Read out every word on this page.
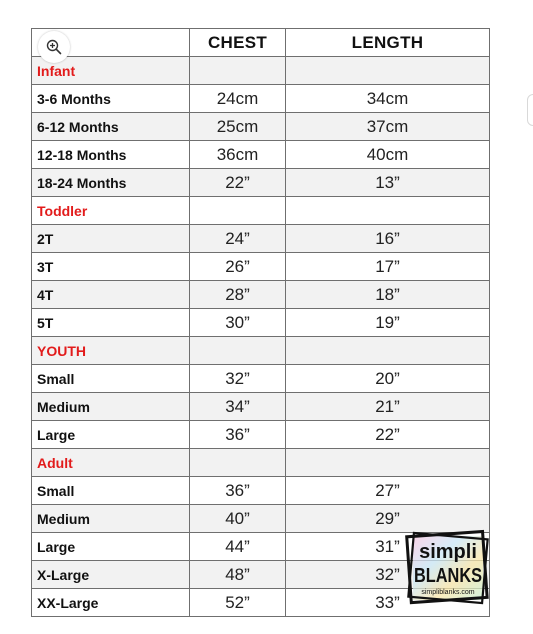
	CHEST	LENGTH
Infant		
3-6 Months	24cm	34cm
6-12 Months	25cm	37cm
12-18 Months	36cm	40cm
18-24 Months	22”	13”
Toddler		
2T	24”	16”
3T	26”	17”
4T	28”	18”
5T	30”	19”
YOUTH		
Small	32”	20”
Medium	34”	21”
Large	36”	22”
Adult		
Small	36”	27”
Medium	40”	29”
Large	44”	31”
X-Large	48”	32”
XX-Large	52”	33”
simpli
BLANKS
simpliblanks.com
